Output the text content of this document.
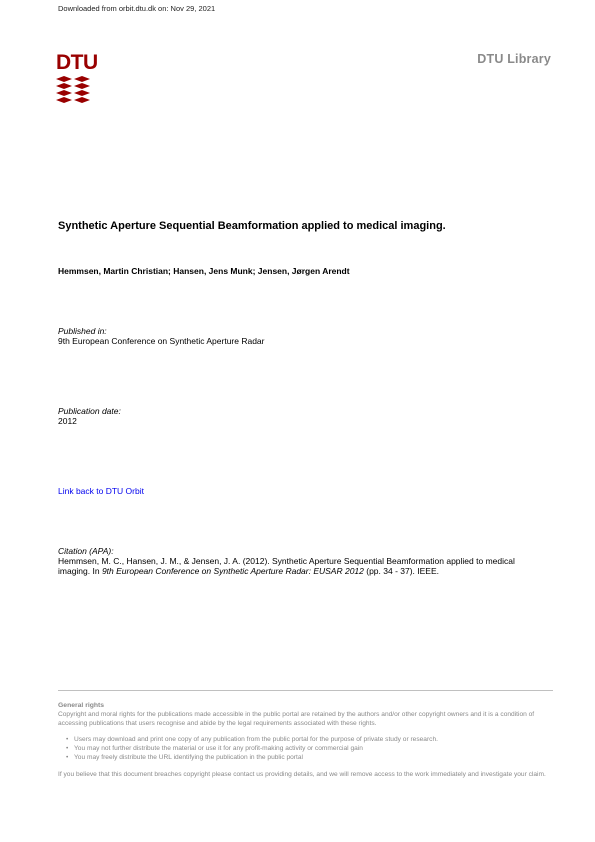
Downloaded from orbit.dtu.dk on: Nov 29, 2021
DTU	DTU Library
Synthetic Aperture Sequential Beamformation applied to medical imaging.
Hemmsen, Martin Christian; Hansen, Jens Munk; Jensen, Jørgen Arendt
Published in:
9th European Conference on Synthetic Aperture Radar
Publication date:
2012
Link back to DTU Orbit
Citation (APA):
Hemmsen, M. C., Hansen, J. M., & Jensen, J. A. (2012). Synthetic Aperture Sequential Beamformation applied to medical imaging. In 9th European Conference on Synthetic Aperture Radar: EUSAR 2012 (pp. 34 - 37). IEEE.
General rights

Copyright and moral rights for the publications made accessible in the public portal are retained by the authors and/or other copyright owners and it is a condition of accessing publications that users recognise and abide by the legal requirements associated with these rights.

• Users may download and print one copy of any publication from the public portal for the purpose of private study or research.
• You may not further distribute the material or use it for any profit-making activity or commercial gain
• You may freely distribute the URL identifying the publication in the public portal

If you believe that this document breaches copyright please contact us providing details, and we will remove access to the work immediately and investigate your claim.
